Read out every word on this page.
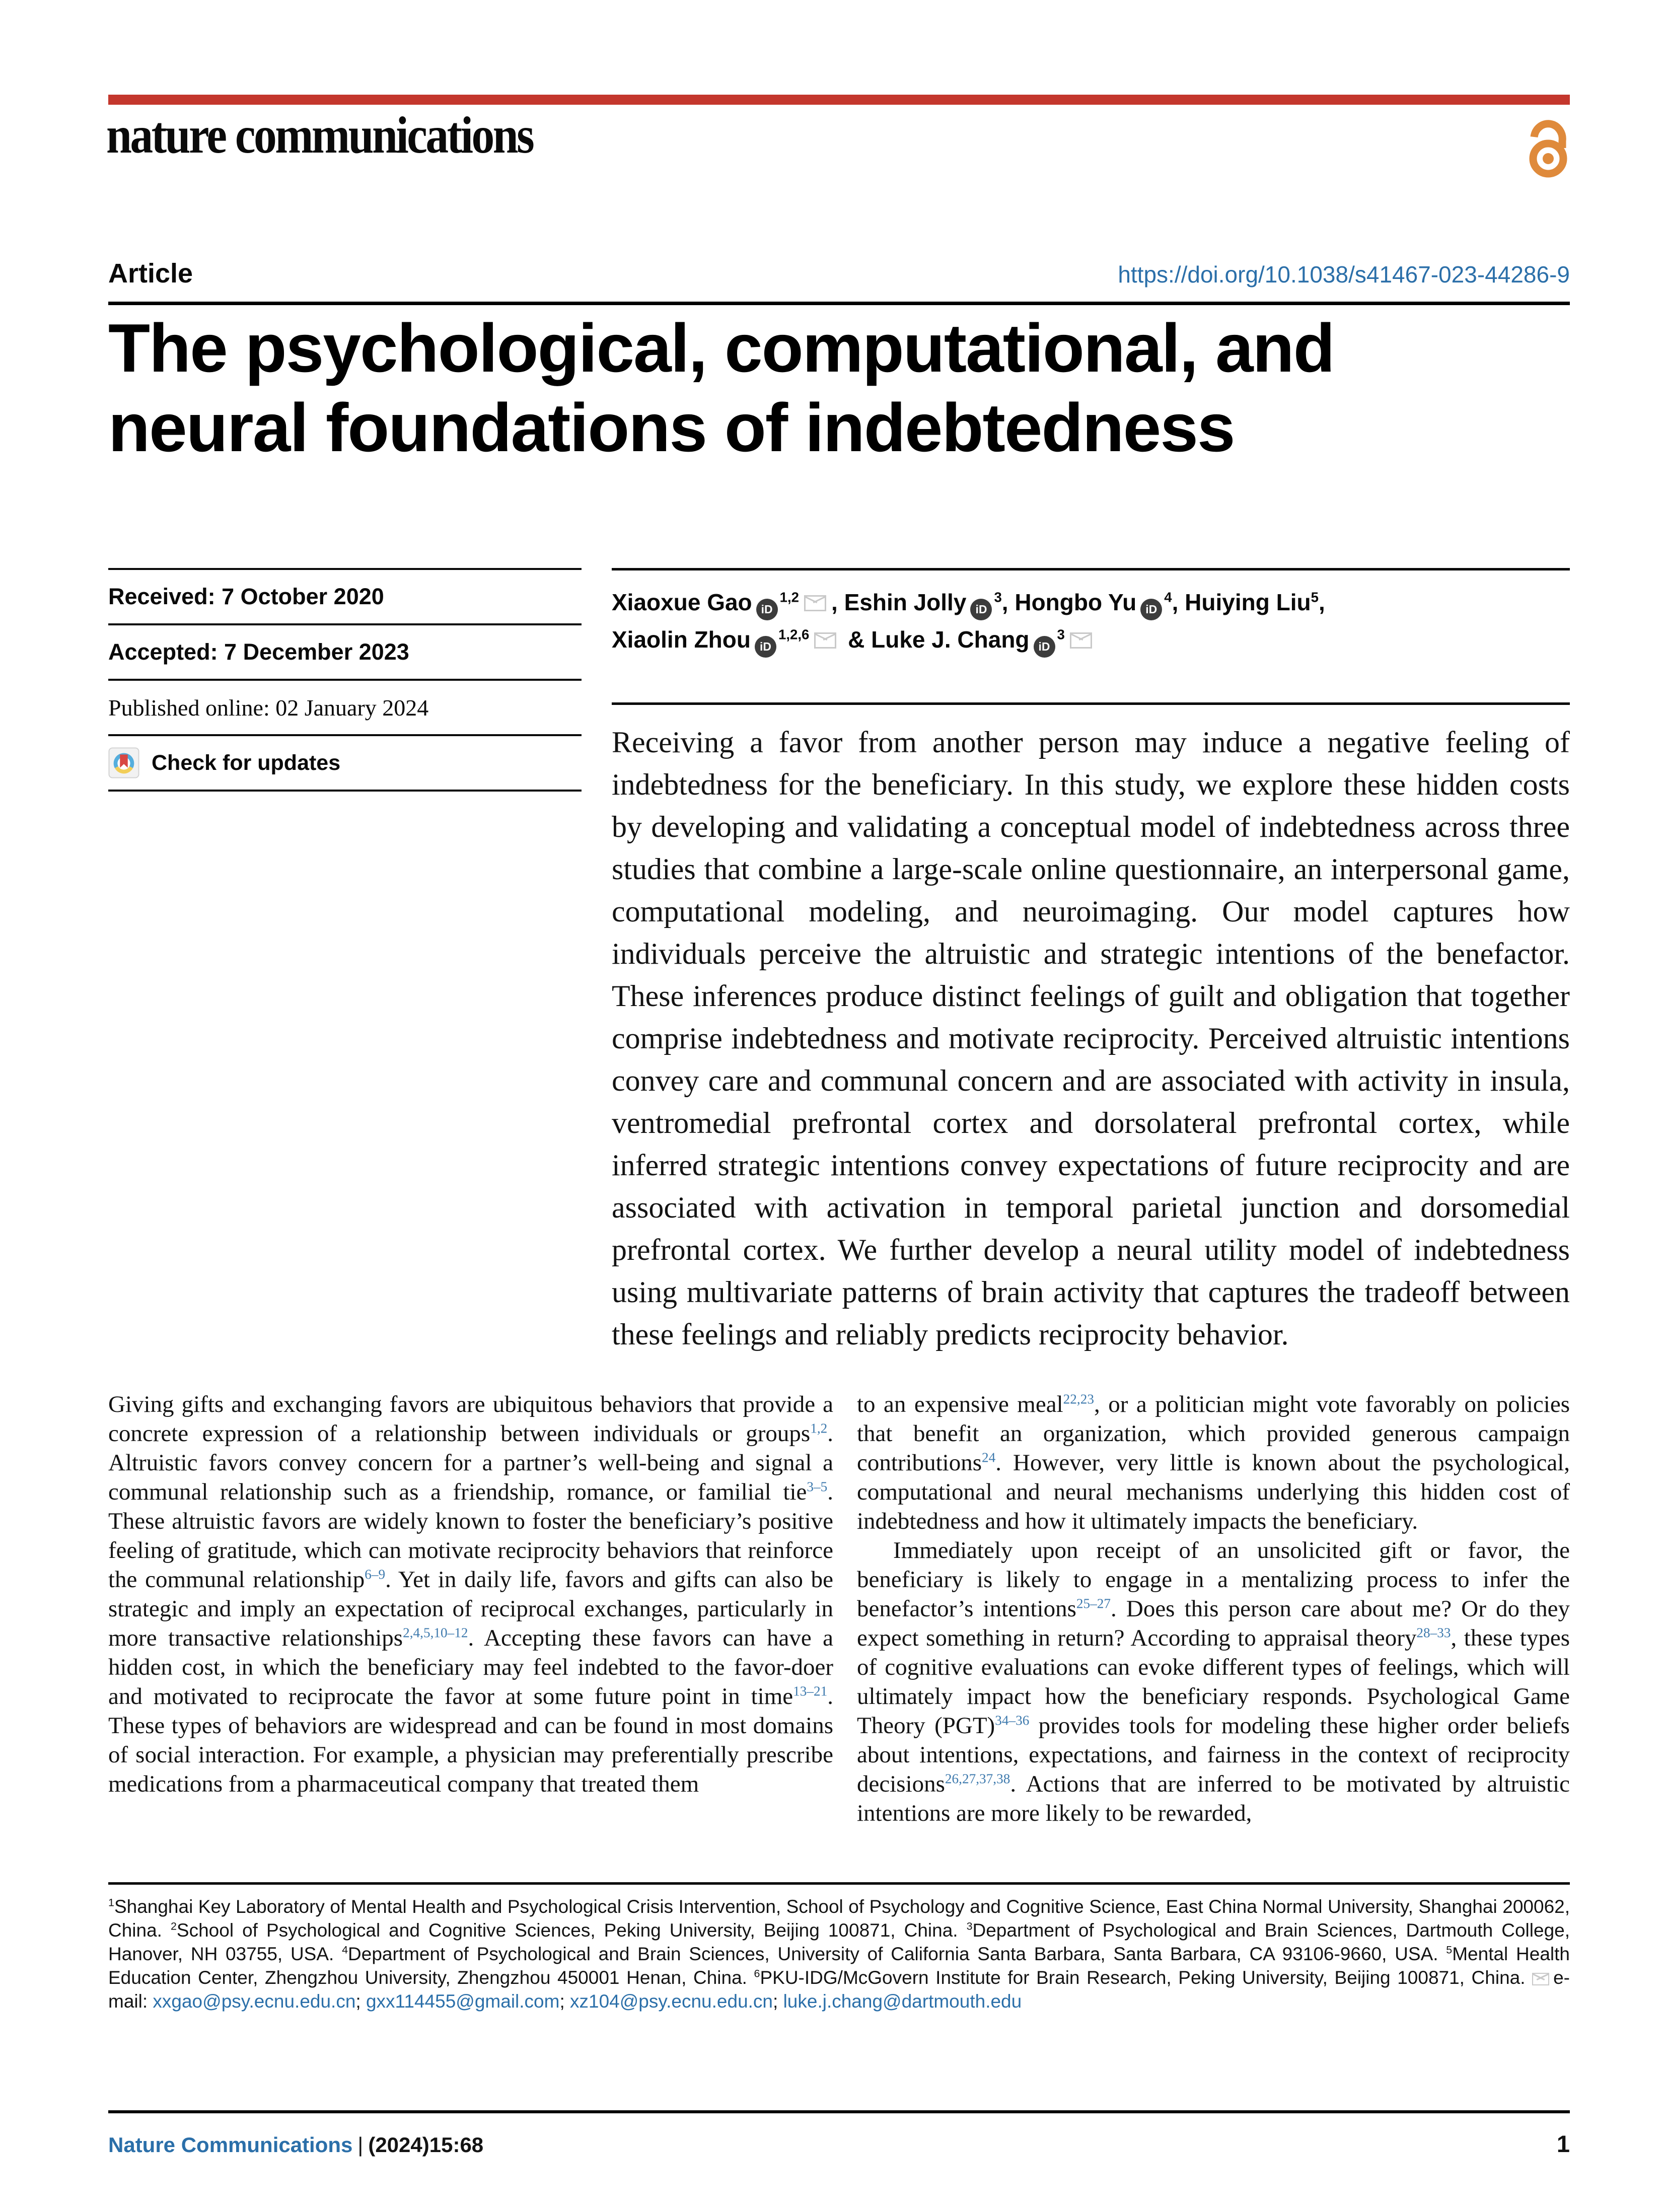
nature communications
Article	https://doi.org/10.1038/s41467-023-44286-9
The psychological, computational, and
neural foundations of indebtedness
Received: 7 October 2020
Accepted: 7 December 2023
Published online: 02 January 2024
Check for updates
Xiaoxue Gao iD$^{1,2}$ , Eshin Jolly $iD^3$, Hongbo Yu $iD^4$, Huiying Liu$^5$,
Xiaolin Zhou iD$^{1,2,6}$ & Luke J. Chang $iD^3$
Receiving a favor from another person may induce a negative feeling of indebtedness for the beneficiary. In this study, we explore these hidden costs by developing and validating a conceptual model of indebtedness across three studies that combine a large-scale online questionnaire, an interpersonal game, computational modeling, and neuroimaging. Our model captures how individuals perceive the altruistic and strategic intentions of the benefactor. These inferences produce distinct feelings of guilt and obligation that together comprise indebtedness and motivate reciprocity. Perceived altruistic intentions convey care and communal concern and are associated with activity in insula, ventromedial prefrontal cortex and dorsolateral prefrontal cortex, while inferred strategic intentions convey expectations of future reciprocity and are associated with activation in temporal parietal junction and dorsomedial prefrontal cortex. We further develop a neural utility model of indebtedness using multivariate patterns of brain activity that captures the tradeoff between these feelings and reliably predicts reciprocity behavior.

Giving gifts and exchanging favors are ubiquitous behaviors that provide a concrete expression of a relationship between individuals or groups$^{1,2}$. Altruistic favors convey concern for a partner’s well-being and signal a communal relationship such as a friendship, romance, or familial tie$^{3-5}$. These altruistic favors are widely known to foster the beneficiary’s positive feeling of gratitude, which can motivate reciprocity behaviors that reinforce the communal relationship$^{6-9}$. Yet in daily life, favors and gifts can also be strategic and imply an expectation of reciprocal exchanges, particularly in more transactive relationships$^{2,4,5,10-12}$. Accepting these favors can have a hidden cost, in which the beneficiary may feel indebted to the favor-doer and motivated to reciprocate the favor at some future point in time$^{13-21}$. These types of behaviors are widespread and can be found in most domains of social interaction. For example, a physician may preferentially prescribe medications from a pharmaceutical company that treated them

to an expensive meal$^{22,23}$, or a politician might vote favorably on policies that benefit an organization, which provided generous campaign contributions$^{24}$. However, very little is known about the psychological, computational and neural mechanisms underlying this hidden cost of indebtedness and how it ultimately impacts the beneficiary.

Immediately upon receipt of an unsolicited gift or favor, the beneficiary is likely to engage in a mentalizing process to infer the benefactor’s intentions$^{25-27}$. Does this person care about me? Or do they expect something in return? According to appraisal theory$^{28-33}$, these types of cognitive evaluations can evoke different types of feelings, which will ultimately impact how the beneficiary responds. Psychological Game Theory (PGT)$^{34-36}$ provides tools for modeling these higher order beliefs about intentions, expectations, and fairness in the context of reciprocity decisions$^{26,27,37,38}$. Actions that are inferred to be motivated by altruistic intentions are more likely to be rewarded,

$^1$Shanghai Key Laboratory of Mental Health and Psychological Crisis Intervention, School of Psychology and Cognitive Science, East China Normal University, Shanghai 200062, China. $^2$School of Psychological and Cognitive Sciences, Peking University, Beijing 100871, China. $^3$Department of Psychological and Brain Sciences, Dartmouth College, Hanover, NH 03755, USA. $^4$Department of Psychological and Brain Sciences, University of California Santa Barbara, Santa Barbara, CA 93106-9660, USA. $^5$Mental Health Education Center, Zhengzhou University, Zhengzhou 450001 Henan, China. $^6$PKU-IDG/McGovern Institute for Brain Research, Peking University, Beijing 100871, China. e-mail: xxgao@psy.ecnu.edu.cn; gxx114455@gmail.com; xz104@psy.ecnu.edu.cn; luke.j.chang@dartmouth.edu
Nature Communications | (2024)15:68	1
